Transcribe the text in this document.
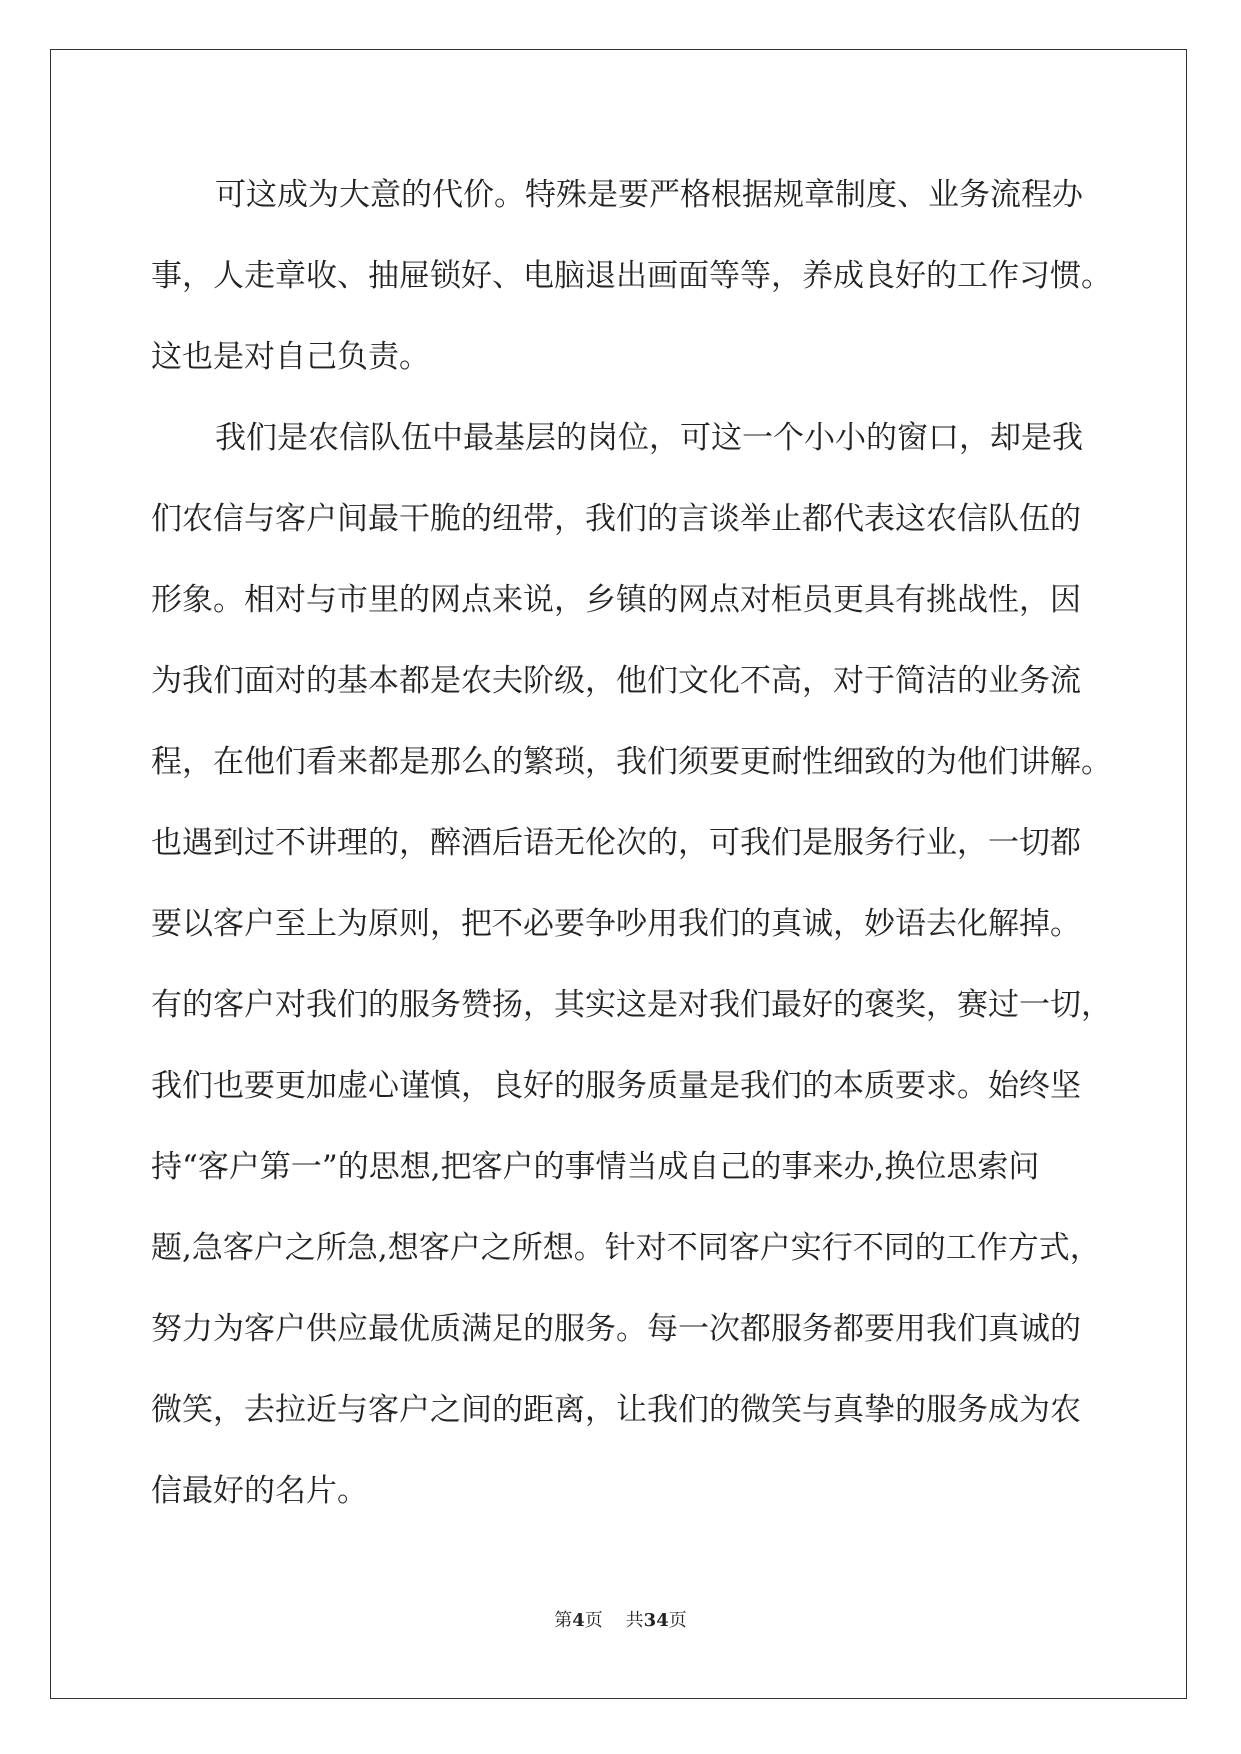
可这成为大意的代价。特殊是要严格根据规章制度、业务流程办
事，人走章收、抽屉锁好、电脑退出画面等等，养成良好的工作习惯。
这也是对自己负责。
我们是农信队伍中最基层的岗位，可这一个小小的窗口，却是我
们农信与客户间最干脆的纽带，我们的言谈举止都代表这农信队伍的
形象。相对与市里的网点来说，乡镇的网点对柜员更具有挑战性，因
为我们面对的基本都是农夫阶级，他们文化不高，对于简洁的业务流
程，在他们看来都是那么的繁琐，我们须要更耐性细致的为他们讲解。
也遇到过不讲理的，醉酒后语无伦次的，可我们是服务行业，一切都
要以客户至上为原则，把不必要争吵用我们的真诚，妙语去化解掉。
有的客户对我们的服务赞扬，其实这是对我们最好的褒奖，赛过一切，
我们也要更加虚心谨慎，良好的服务质量是我们的本质要求。始终坚
持“客户第一”的思想,把客户的事情当成自己的事来办,换位思索问
题,急客户之所急,想客户之所想。针对不同客户实行不同的工作方式，
努力为客户供应最优质满足的服务。每一次都服务都要用我们真诚的
微笑，去拉近与客户之间的距离，让我们的微笑与真挚的服务成为农
信最好的名片。
第4页    共34页
